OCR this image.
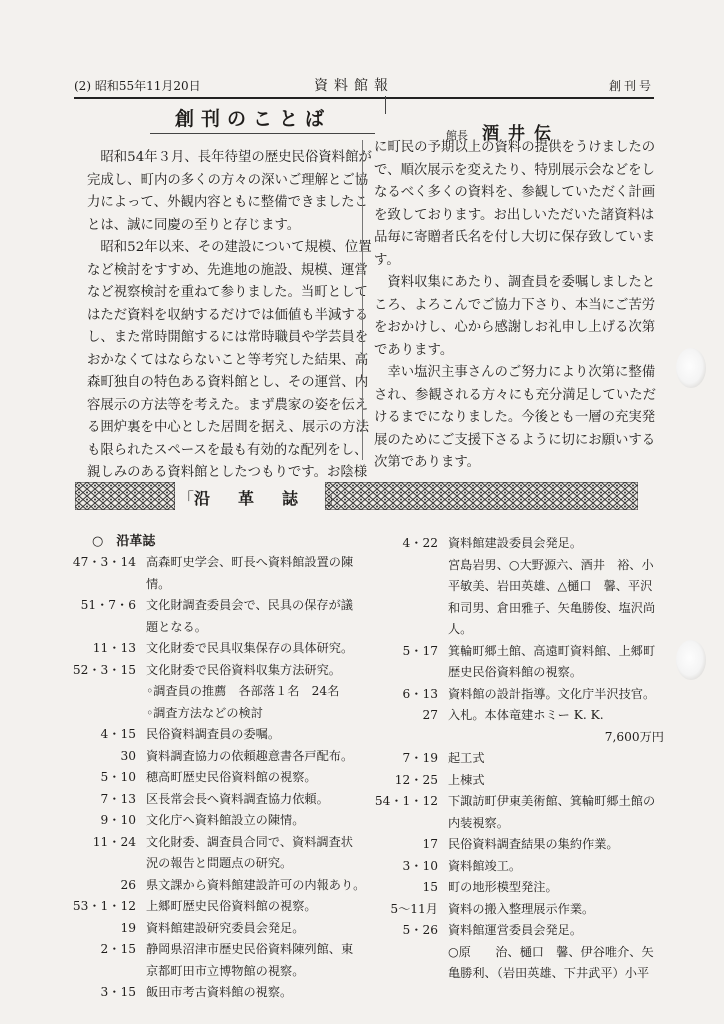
(2) 昭和55年11月20日	資料館報	創刊号
創刊のことば
館長 酒井伝
　昭和54年３月、長年待望の歴史民俗資料館が
完成し、町内の多くの方々の深いご理解とご協
力によって、外観内容ともに整備できましたこ
とは、誠に同慶の至りと存じます。
　昭和52年以来、その建設について規模、位置
など検討をすすめ、先進地の施設、規模、運営
など視察検討を重ねて参りました。当町として
はただ資料を収納するだけでは価値も半減する
し、また常時開館するには常時職員や学芸員を
おかなくてはならないこと等考究した結果、高
森町独自の特色ある資料館とし、その運営、内
容展示の方法等を考えた。まず農家の姿を伝え
る囲炉裏を中心とした居間を据え、展示の方法
も限られたスペースを最も有効的な配列をし、
親しみのある資料館としたつもりです。お陰様
に町民の予期以上の資料の提供をうけましたの
で、順次展示を変えたり、特別展示会などをし
なるべく多くの資料を、参観していただく計画
を致しております。お出しいただいた諸資料は
品毎に寄贈者氏名を付し大切に保存致していま
す。
　資料収集にあたり、調査員を委嘱しましたと
ころ、よろこんでご協力下さり、本当にご苦労
をおかけし、心から感謝しお礼申し上げる次第
であります。
　幸い塩沢主事さんのご努力により次第に整備
され、参観される方々にも充分満足していただ
けるまでになりました。今後とも一層の充実発
展のためにご支援下さるように切にお願いする
次第であります。
「沿革誌」
○　沿革誌
47・3・14 高森町史学会、町長へ資料館設置の陳
情。
51・7・6 文化財調査委員会で、民具の保存が議
題となる。
11・13 文化財委で民具収集保存の具体研究。
52・3・15 文化財委で民俗資料収集方法研究。
◦調査員の推薦　各部落１名　24名
◦調査方法などの検討
4・15 民俗資料調査員の委嘱。
30 資料調査協力の依頼趣意書各戸配布。
5・10 穂高町歴史民俗資料館の視察。
7・13 区長常会長へ資料調査協力依頼。
9・10 文化庁へ資料館設立の陳情。
11・24 文化財委、調査員合同で、資料調査状
況の報告と問題点の研究。
26 県文課から資料館建設許可の内報あり。
53・1・12 上郷町歴史民俗資料館の視察。
19 資料館建設研究委員会発足。
2・15 静岡県沼津市歴史民俗資料陳列館、東
京都町田市立博物館の視察。
3・15 飯田市考古資料館の視察。
4・22 資料館建設委員会発足。
宮島岩男、○大野源六、酒井　裕、小
平敏美、岩田英雄、△樋口　馨、平沢
和司男、倉田雅子、矢亀勝俊、塩沢尚
人。
5・17 箕輪町郷土館、高遠町資料館、上郷町
歴史民俗資料館の視察。
6・13 資料館の設計指導。文化庁半沢技官。
27 入札。本体竜建ホミー K. K.
7,600万円
7・19 起工式
12・25 上棟式
54・1・12 下諏訪町伊東美術館、箕輪町郷土館の
内装視察。
17 民俗資料調査結果の集約作業。
3・10 資料館竣工。
15 町の地形模型発注。
5〜11月 資料の搬入整理展示作業。
5・26 資料館運営委員会発足。
○原　　治、樋口　馨、伊谷唯介、矢
亀勝利、（岩田英雄、下井武平）小平
